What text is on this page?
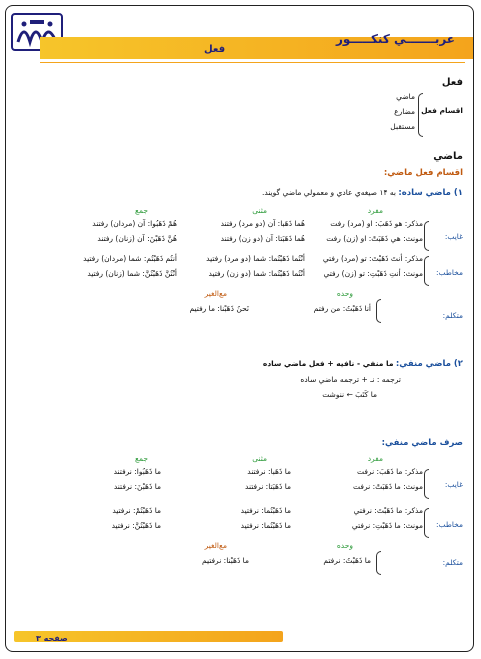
عربـــــــي کنکـــــور
فعل
فعل
اقسام فعل
ماضي
مضارع
مستقبل
ماضي
اقسام فعل ماضي:
۱) ماضي ساده: به ۱۴ صيغه‌ي عادي و معمولي ماضي گويند.
مفرد
مثنى
جمع
غايب:
مذكر: هو ذَهَبَ: او (مرد) رفت
هُما ذَهَبا: آن (دو مرد) رفتند
هُمْ ذَهَبُوا: آن (مردان) رفتند
مونث: هي ذَهَبَتْ: او (زن) رفت
هُما ذَهَبَتا: آن (دو زن) رفتند
هُنَّ ذَهَبْنَ: آن (زنان) رفتند
مخاطب:
مذكر: أنتَ ذَهَبْتَ: تو (مرد) رفتي
أنْتُما ذَهَبْتُما: شما (دو مرد) رفتيد
أنتُم ذَهَبْتُم: شما (مردان) رفتيد
مونث: أنتِ ذَهَبْتِ: تو (زن) رفتي
أنْتُما ذَهَبْتُما: شما (دو زن) رفتيد
أنْتُنَّ ذَهَبْتُنَّ: شما (زنان) رفتيد
وحده
مع‌الغير
متكلم:
أنا ذَهَبْتُ: من رفتم
نَحنُ ذَهَبْنا: ما رفتيم
۲) ماضي منفي: ما منفي - نافيه + فعل ماضي ساده
ترجمه : نـ + ترجمه ماضي ساده
ما كَتَبَ ← ننوشت
صرف ماضي منفي:
مفرد
مثنى
جمع
غايب:
مذكر: ما ذَهَبَ: نرفت
ما ذَهَبا: نرفتند
ما ذَهَبُوا: نرفتند
مونث: ما ذَهَبَتْ: نرفت
ما ذَهَبَتا: نرفتند
ما ذَهَبْنَ: نرفتند
مخاطب:
مذكر: ما ذَهَبْتَ: نرفتي
ما ذَهَبْتُما: نرفتيد
ما ذَهَبْتُمْ: نرفتيد
مونث: ما ذَهَبْتِ: نرفتي
ما ذَهَبْتُما: نرفتيد
ما ذَهَبْتُنَّ: نرفتيد
وحده
مع‌الغير
متكلم:
ما ذَهَبْتُ: نرفتم
ما ذَهَبْنا: نرفتيم
صفحه ۳
